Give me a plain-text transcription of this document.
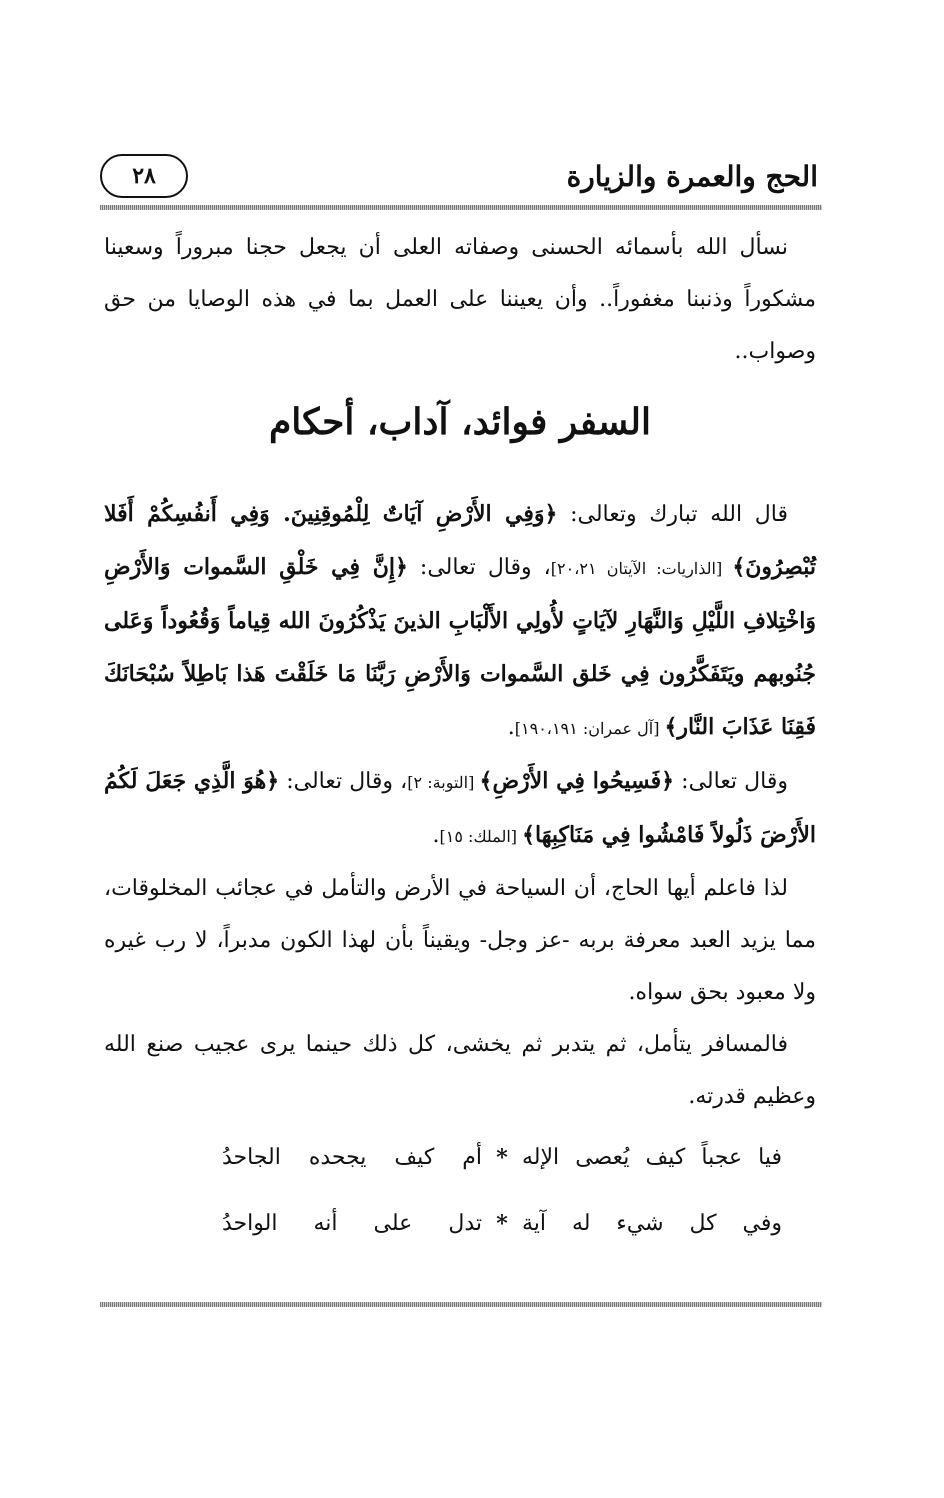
الحج والعمرة والزيارة
٢٨

نسأل الله بأسمائه الحسنى وصفاته العلى أن يجعل حجنا مبروراً وسعينا مشكوراً وذنبنا مغفوراً.. وأن يعيننا على العمل بما في هذه الوصايا من حق وصواب..

السفر فوائد، آداب، أحكام

قال الله تبارك وتعالى: ﴿وَفِي الأَرْضِ آيَاتٌ لِلْمُوقِنِينَ. وَفِي أَنفُسِكُمْ أَفَلا تُبْصِرُونَ﴾ [الذاريات: الآيتان ٢٠،٢١]، وقال تعالى: ﴿إِنَّ فِي خَلْقِ السَّموات وَالأَرْضِ وَاخْتِلافِ اللَّيْلِ وَالنَّهَارِ لآيَاتٍ لأُولِي الأَلْبَابِ الذينَ يَذْكُرُونَ الله قِياماً وَقُعُوداً وَعَلى جُنُوبهم ويَتَفَكَّرُون فِي خَلق السَّموات وَالأَرْضِ رَبَّنَا مَا خَلَقْتَ هَذا بَاطِلاً سُبْحَانَكَ فَقِنَا عَذَابَ النَّار﴾ [آل عمران: ١٩٠،١٩١].

وقال تعالى: ﴿فَسِيحُوا فِي الأَرْضِ﴾ [التوبة: ٢]، وقال تعالى: ﴿هُوَ الَّذِي جَعَلَ لَكُمُ الأَرْضَ ذَلُولاً فَامْشُوا فِي مَنَاكِبِهَا﴾ [الملك: ١٥].

لذا فاعلم أيها الحاج، أن السياحة في الأرض والتأمل في عجائب المخلوقات، مما يزيد العبد معرفة بربه -عز وجل- ويقيناً بأن لهذا الكون مدبراً، لا رب غيره ولا معبود بحق سواه.

فالمسافر يتأمل، ثم يتدبر ثم يخشى، كل ذلك حينما يرى عجيب صنع الله وعظيم قدرته.

فيا عجباً كيف يُعصى الإله
*
أم كيف يجحده الجاحدُ
وفي كل شيء له آية
*
تدل على أنه الواحدُ
